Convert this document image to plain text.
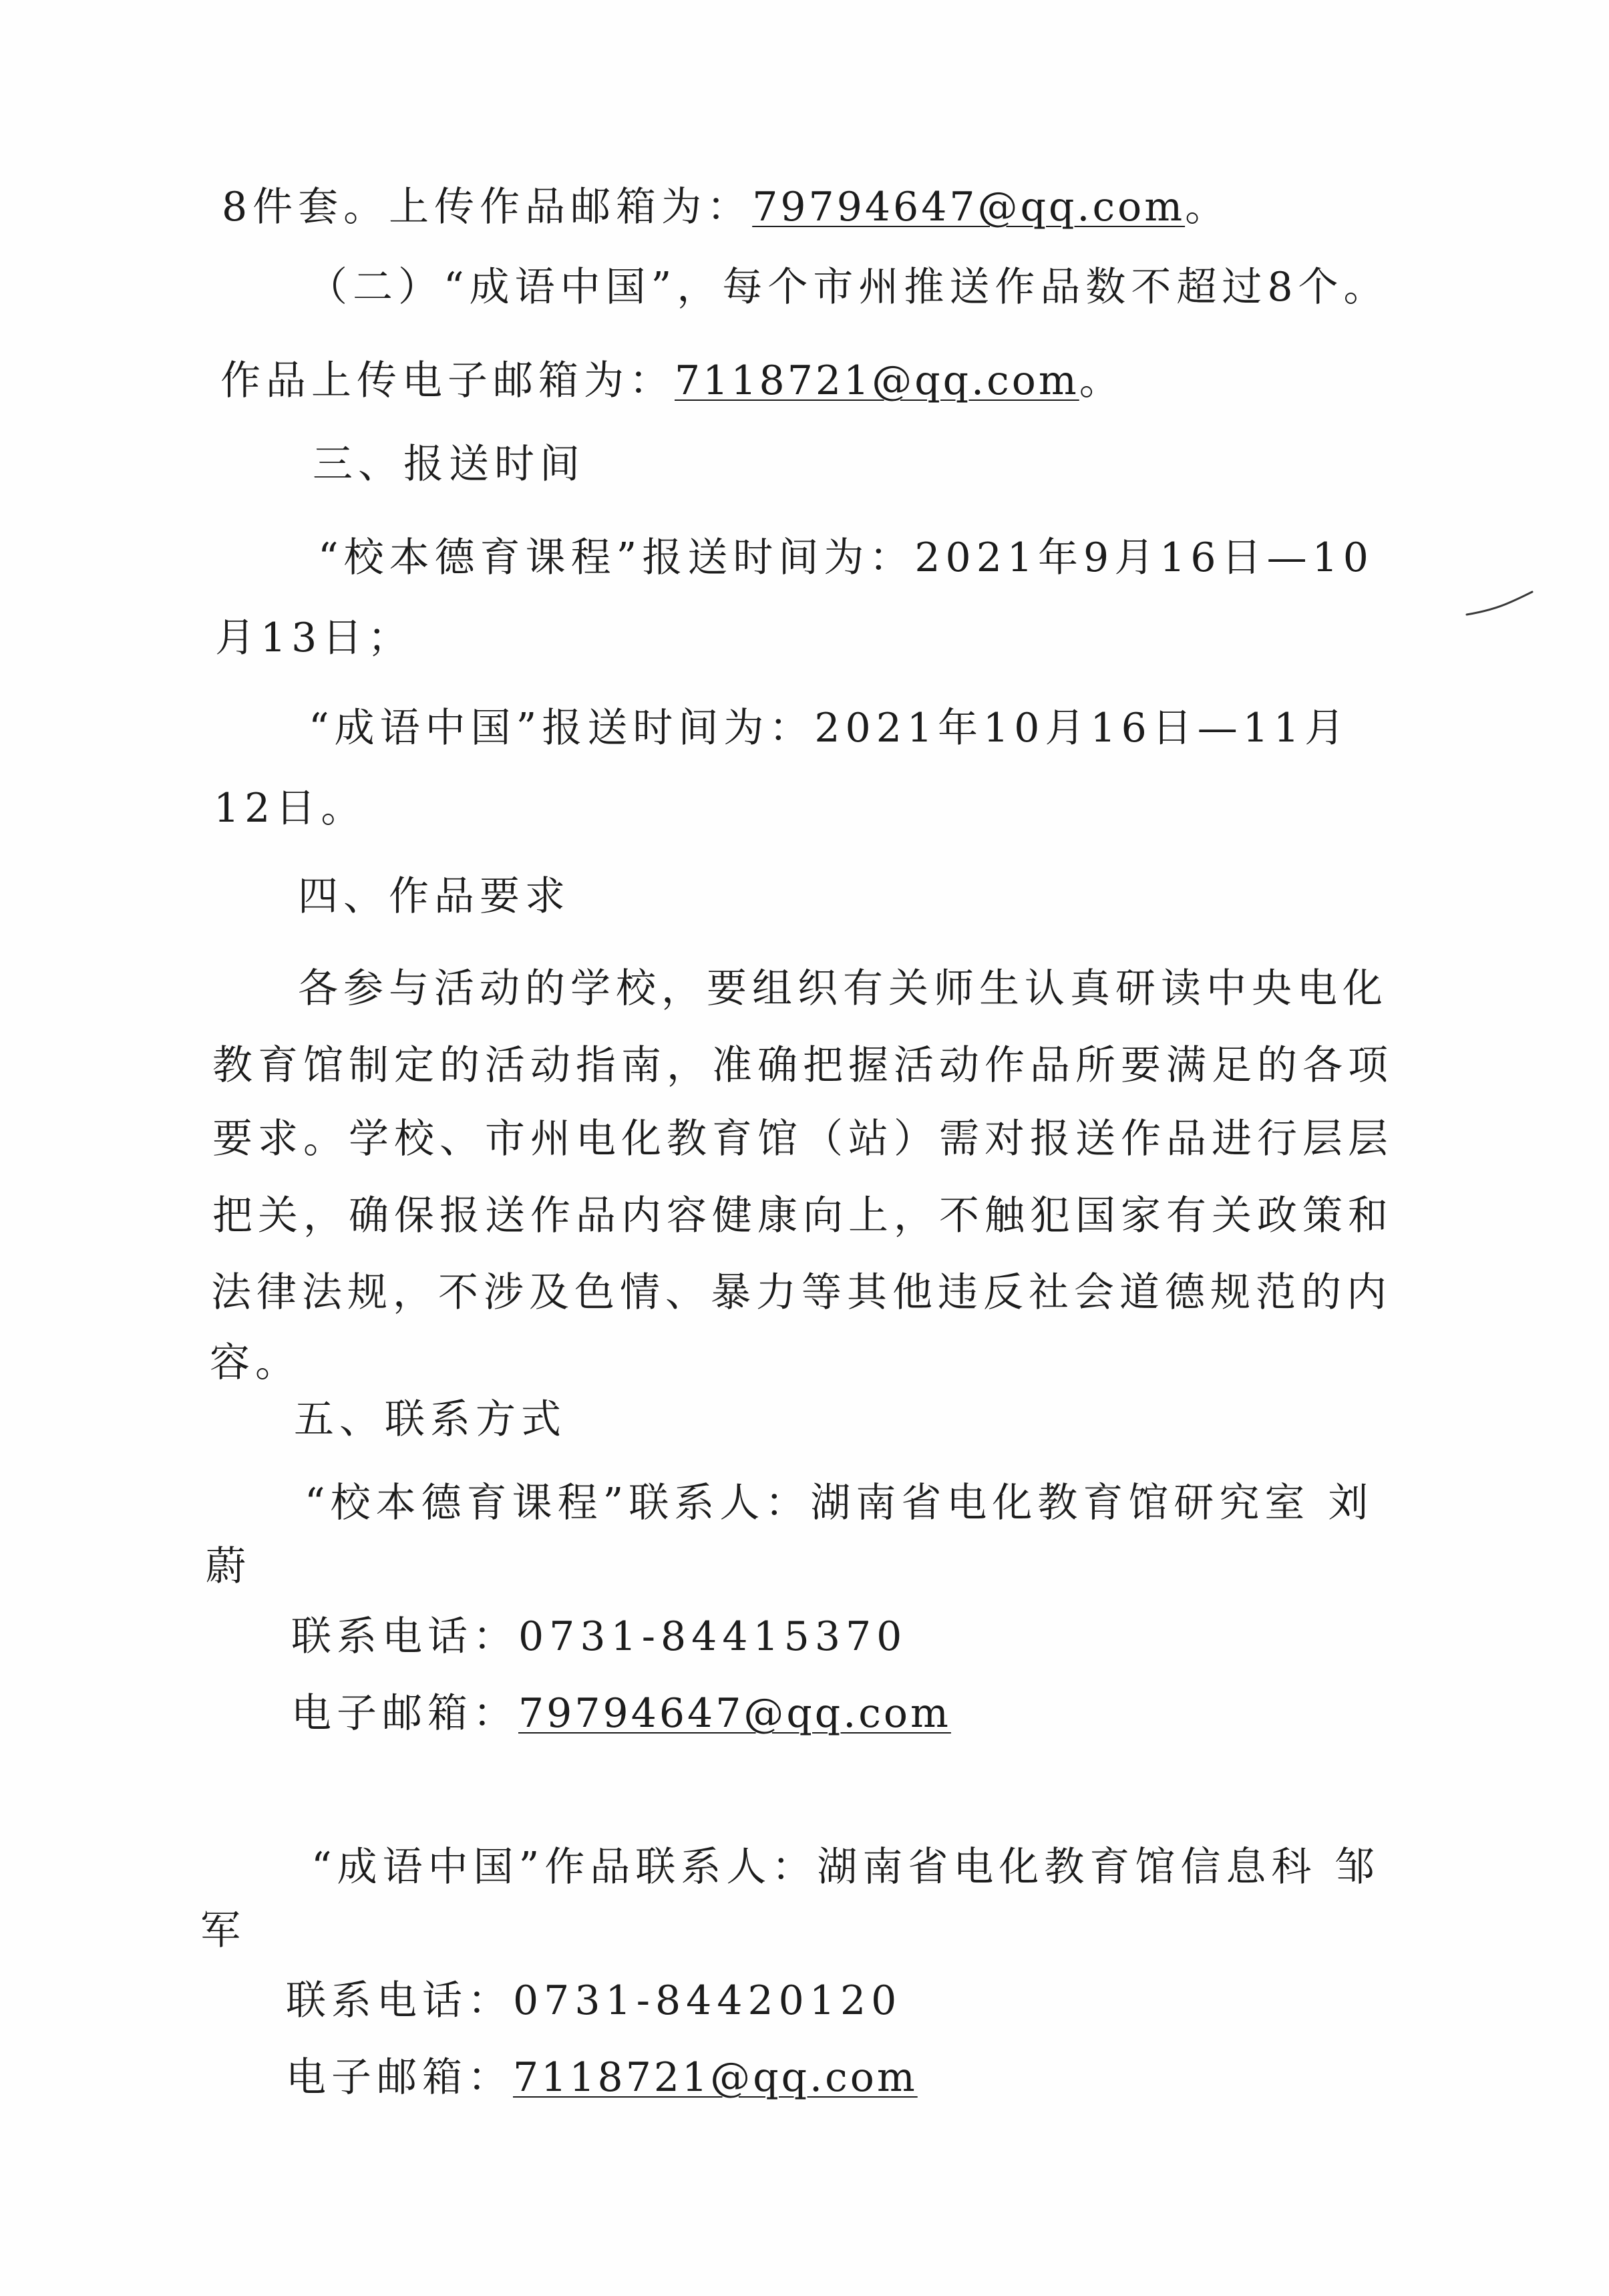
8件套。上传作品邮箱为：79794647@qq.com。
（二）“成语中国”，每个市州推送作品数不超过8个。
作品上传电子邮箱为：7118721@qq.com。
三、报送时间
“校本德育课程”报送时间为：2021年9月16日—10
月13日；
“成语中国”报送时间为：2021年10月16日—11月
12日。
四、作品要求
各参与活动的学校，要组织有关师生认真研读中央电化
教育馆制定的活动指南，准确把握活动作品所要满足的各项
要求。学校、市州电化教育馆（站）需对报送作品进行层层
把关，确保报送作品内容健康向上，不触犯国家有关政策和
法律法规，不涉及色情、暴力等其他违反社会道德规范的内
容。
五、联系方式
“校本德育课程”联系人：湖南省电化教育馆研究室 刘
蔚
联系电话：0731-84415370
电子邮箱：79794647@qq.com
“成语中国”作品联系人：湖南省电化教育馆信息科 邹
军
联系电话：0731-84420120
电子邮箱：7118721@qq.com
